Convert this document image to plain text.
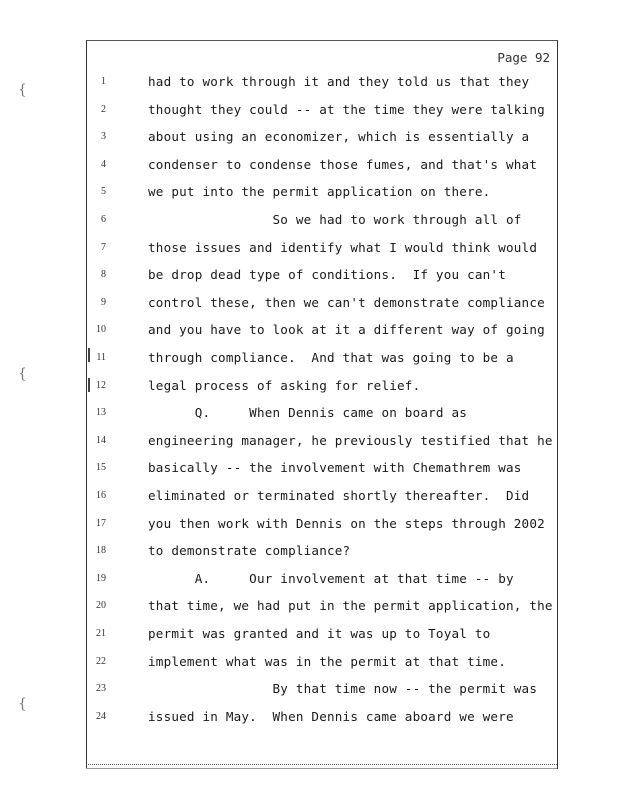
Page 92
{
{
{
1	had to work through it and they told us that they
2	thought they could -- at the time they were talking
3	about using an economizer, which is essentially a
4	condenser to condense those fumes, and that's what
5	we put into the permit application on there.
6	So we had to work through all of
7	those issues and identify what I would think would
8	be drop dead type of conditions.  If you can't
9	control these, then we can't demonstrate compliance
10	and you have to look at it a different way of going
11	through compliance.  And that was going to be a
12	legal process of asking for relief.
13	Q.     When Dennis came on board as
14	engineering manager, he previously testified that he
15	basically -- the involvement with Chemathrem was
16	eliminated or terminated shortly thereafter.  Did
17	you then work with Dennis on the steps through 2002
18	to demonstrate compliance?
19	A.     Our involvement at that time -- by
20	that time, we had put in the permit application, the
21	permit was granted and it was up to Toyal to
22	implement what was in the permit at that time.
23	By that time now -- the permit was
24	issued in May.  When Dennis came aboard we were
